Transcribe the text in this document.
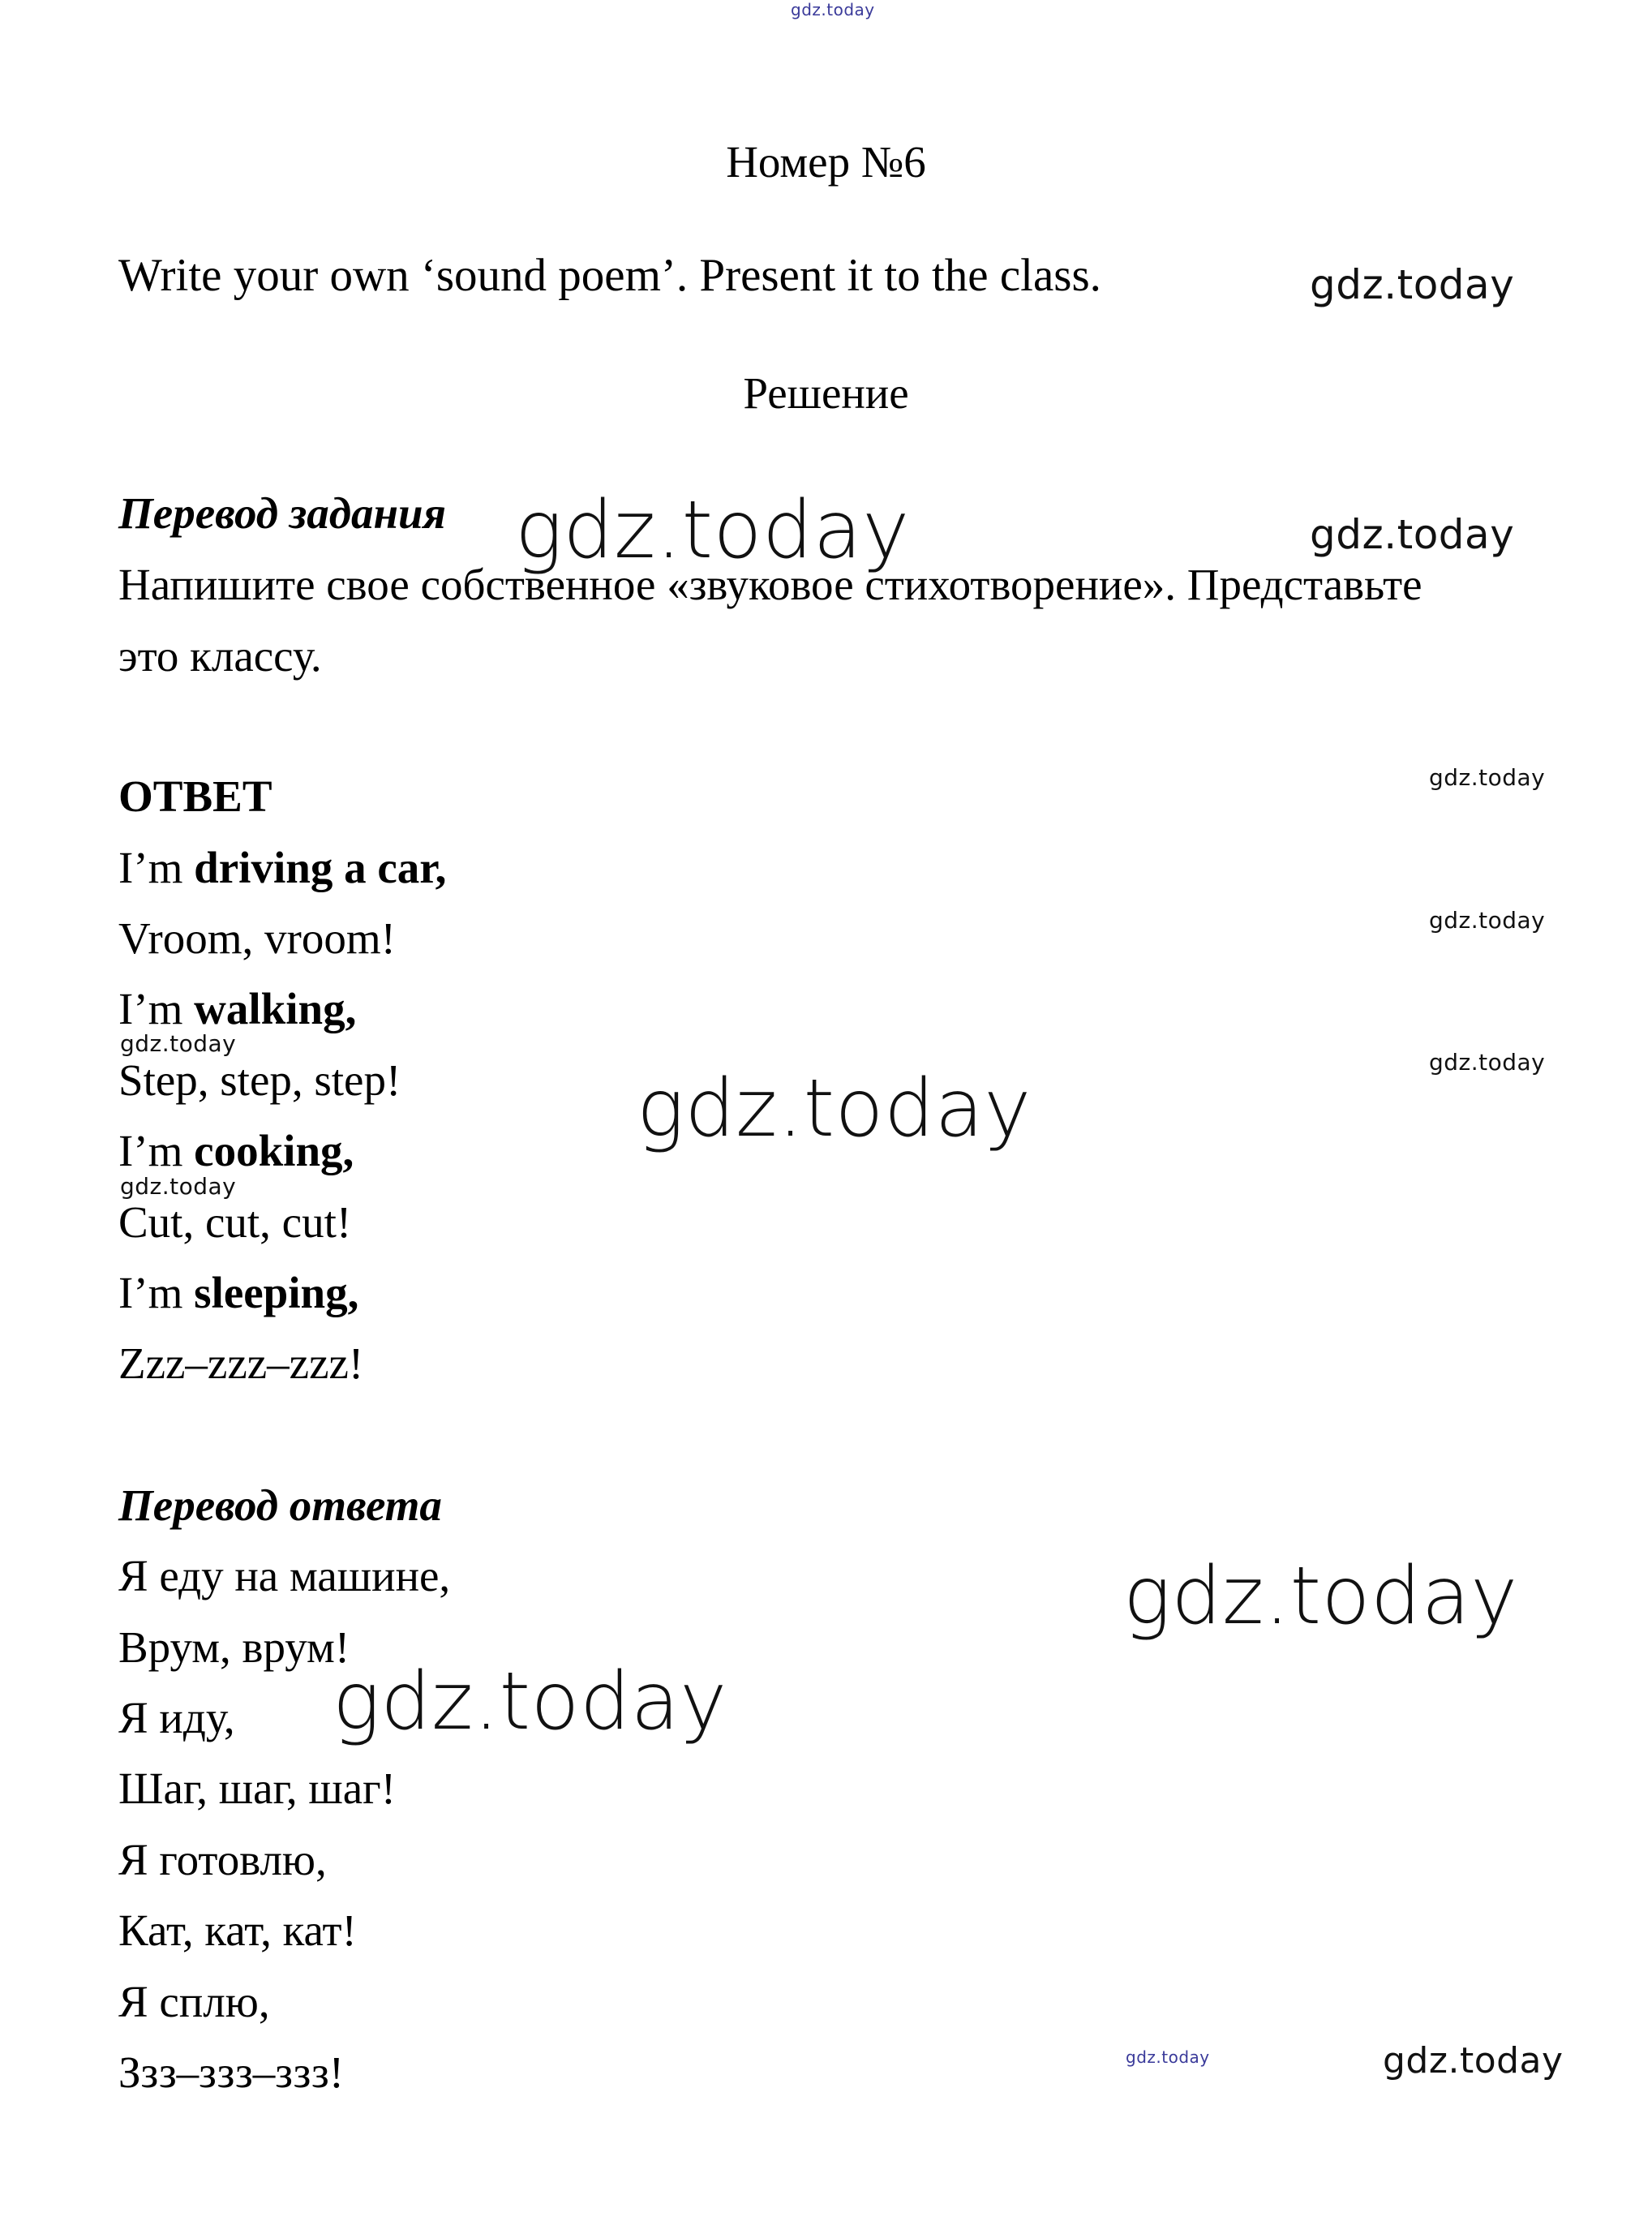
Номер №6
Write your own ‘sound poem’. Present it to the class.
Решение
Перевод задания
Напишите свое собственное «звуковое стихотворение». Представьте
это классу.
ОТВЕТ
I’m driving a car,
Vroom, vroom!
I’m walking,
Step, step, step!
I’m cooking,
Cut, cut, cut!
I’m sleeping,
Zzz–zzz–zzz!
Перевод ответа
Я еду на машине,
Врум, врум!
Я иду,
Шаг, шаг, шаг!
Я готовлю,
Кат, кат, кат!
Я сплю,
Ззз–ззз–ззз!
gdz.today
gdz.today
gdz.today	gdz.today
gdz.today
gdz.today
gdz.today
gdz.today
gdz.today
gdz.today
gdz.today
gdz.today
gdz.today	gdz.today
